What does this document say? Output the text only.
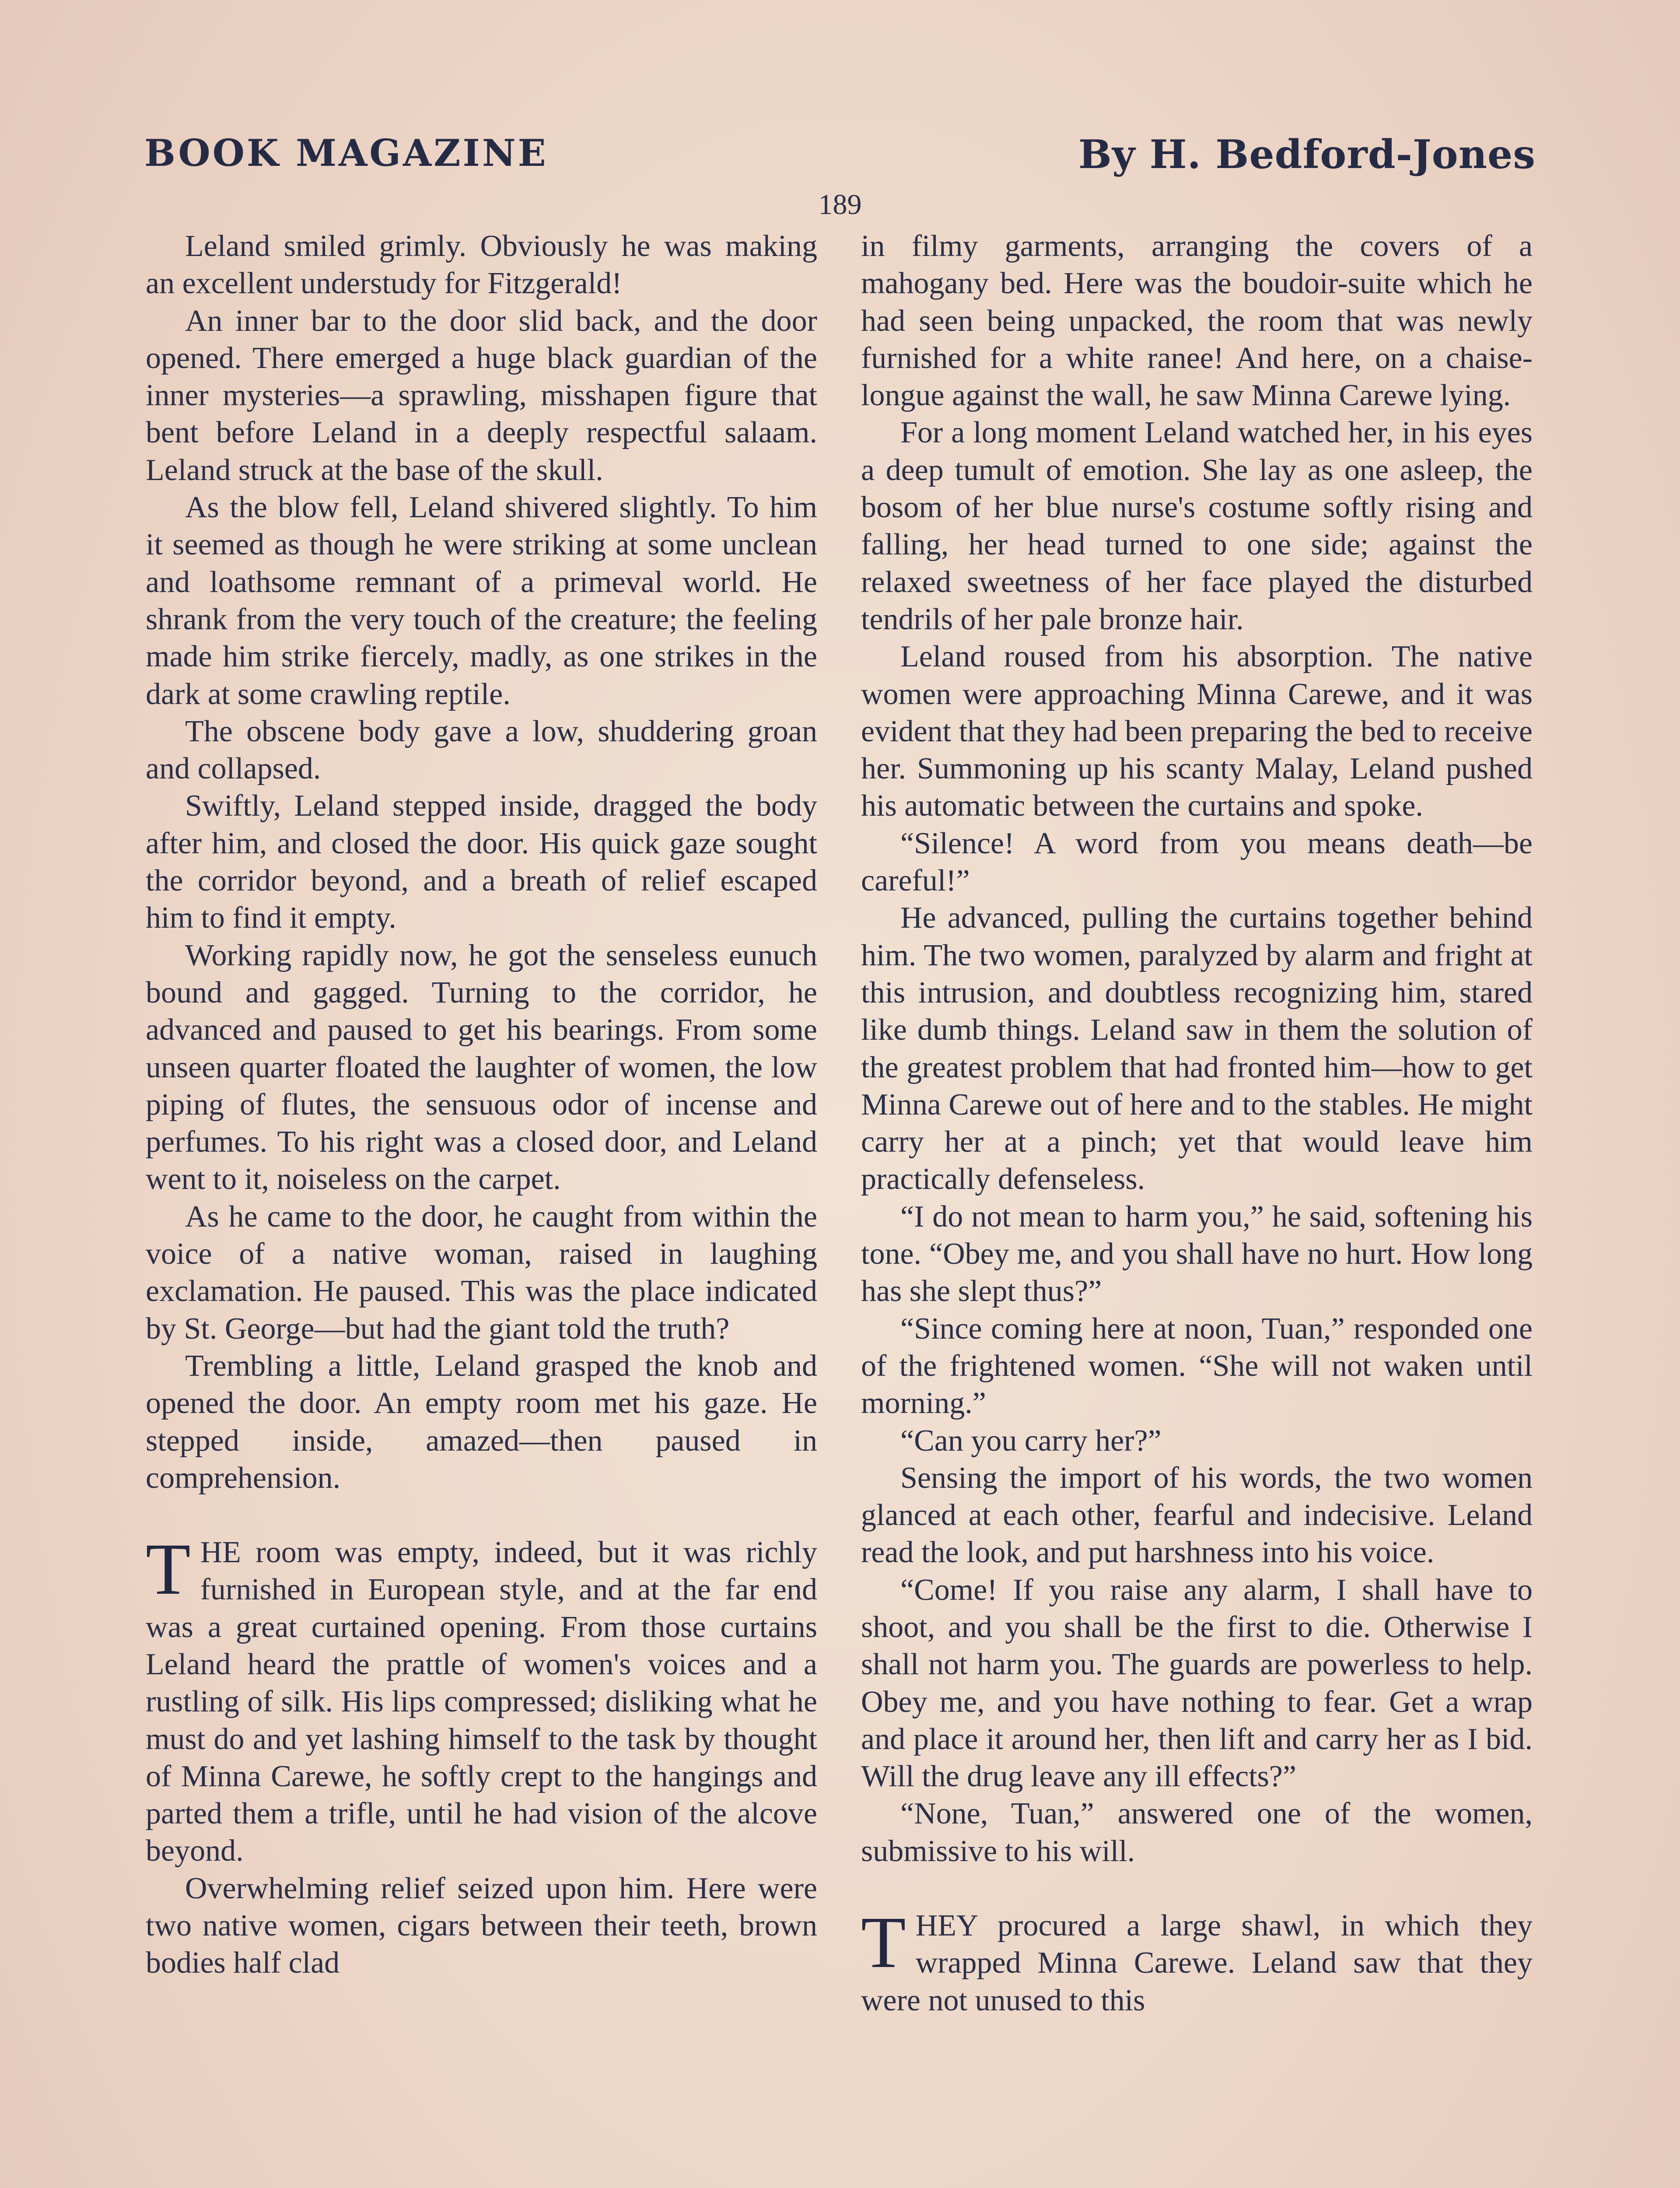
BOOK MAGAZINE	By H. Bedford-Jones
189

Leland smiled grimly. Obviously he was making an excellent understudy for Fitzgerald!

An inner bar to the door slid back, and the door opened. There emerged a huge black guardian of the inner mysteries—a sprawling, misshapen figure that bent before Leland in a deeply respectful salaam. Leland struck at the base of the skull.

As the blow fell, Leland shivered slightly. To him it seemed as though he were striking at some unclean and loathsome remnant of a primeval world. He shrank from the very touch of the creature; the feeling made him strike fiercely, madly, as one strikes in the dark at some crawling reptile.

The obscene body gave a low, shuddering groan and collapsed.

Swiftly, Leland stepped inside, dragged the body after him, and closed the door. His quick gaze sought the corridor beyond, and a breath of relief escaped him to find it empty.

Working rapidly now, he got the senseless eunuch bound and gagged. Turning to the corridor, he advanced and paused to get his bearings. From some unseen quarter floated the laughter of women, the low piping of flutes, the sensuous odor of incense and perfumes. To his right was a closed door, and Leland went to it, noiseless on the carpet.

As he came to the door, he caught from within the voice of a native woman, raised in laughing exclamation. He paused. This was the place indicated by St. George—but had the giant told the truth?

Trembling a little, Leland grasped the knob and opened the door. An empty room met his gaze. He stepped inside, amazed—then paused in comprehension.

THE room was empty, indeed, but it was richly furnished in European style, and at the far end was a great curtained opening. From those curtains Leland heard the prattle of women's voices and a rustling of silk. His lips compressed; disliking what he must do and yet lashing himself to the task by thought of Minna Carewe, he softly crept to the hangings and parted them a trifle, until he had vision of the alcove beyond.

Overwhelming relief seized upon him. Here were two native women, cigars between their teeth, brown bodies half clad

in filmy garments, arranging the covers of a mahogany bed. Here was the boudoir-suite which he had seen being unpacked, the room that was newly furnished for a white ranee! And here, on a chaise-longue against the wall, he saw Minna Carewe lying.

For a long moment Leland watched her, in his eyes a deep tumult of emotion. She lay as one asleep, the bosom of her blue nurse's costume softly rising and falling, her head turned to one side; against the relaxed sweetness of her face played the disturbed tendrils of her pale bronze hair.

Leland roused from his absorption. The native women were approaching Minna Carewe, and it was evident that they had been preparing the bed to receive her. Summoning up his scanty Malay, Leland pushed his automatic between the curtains and spoke.

“Silence! A word from you means death—be careful!”

He advanced, pulling the curtains together behind him. The two women, paralyzed by alarm and fright at this intrusion, and doubtless recognizing him, stared like dumb things. Leland saw in them the solution of the greatest problem that had fronted him—how to get Minna Carewe out of here and to the stables. He might carry her at a pinch; yet that would leave him practically defenseless.

“I do not mean to harm you,” he said, softening his tone. “Obey me, and you shall have no hurt. How long has she slept thus?”

“Since coming here at noon, Tuan,” responded one of the frightened women. “She will not waken until morning.”

“Can you carry her?”

Sensing the import of his words, the two women glanced at each other, fearful and indecisive. Leland read the look, and put harshness into his voice.

“Come! If you raise any alarm, I shall have to shoot, and you shall be the first to die. Otherwise I shall not harm you. The guards are powerless to help. Obey me, and you have nothing to fear. Get a wrap and place it around her, then lift and carry her as I bid. Will the drug leave any ill effects?”

“None, Tuan,” answered one of the women, submissive to his will.

THEY procured a large shawl, in which they wrapped Minna Carewe. Leland saw that they were not unused to this
